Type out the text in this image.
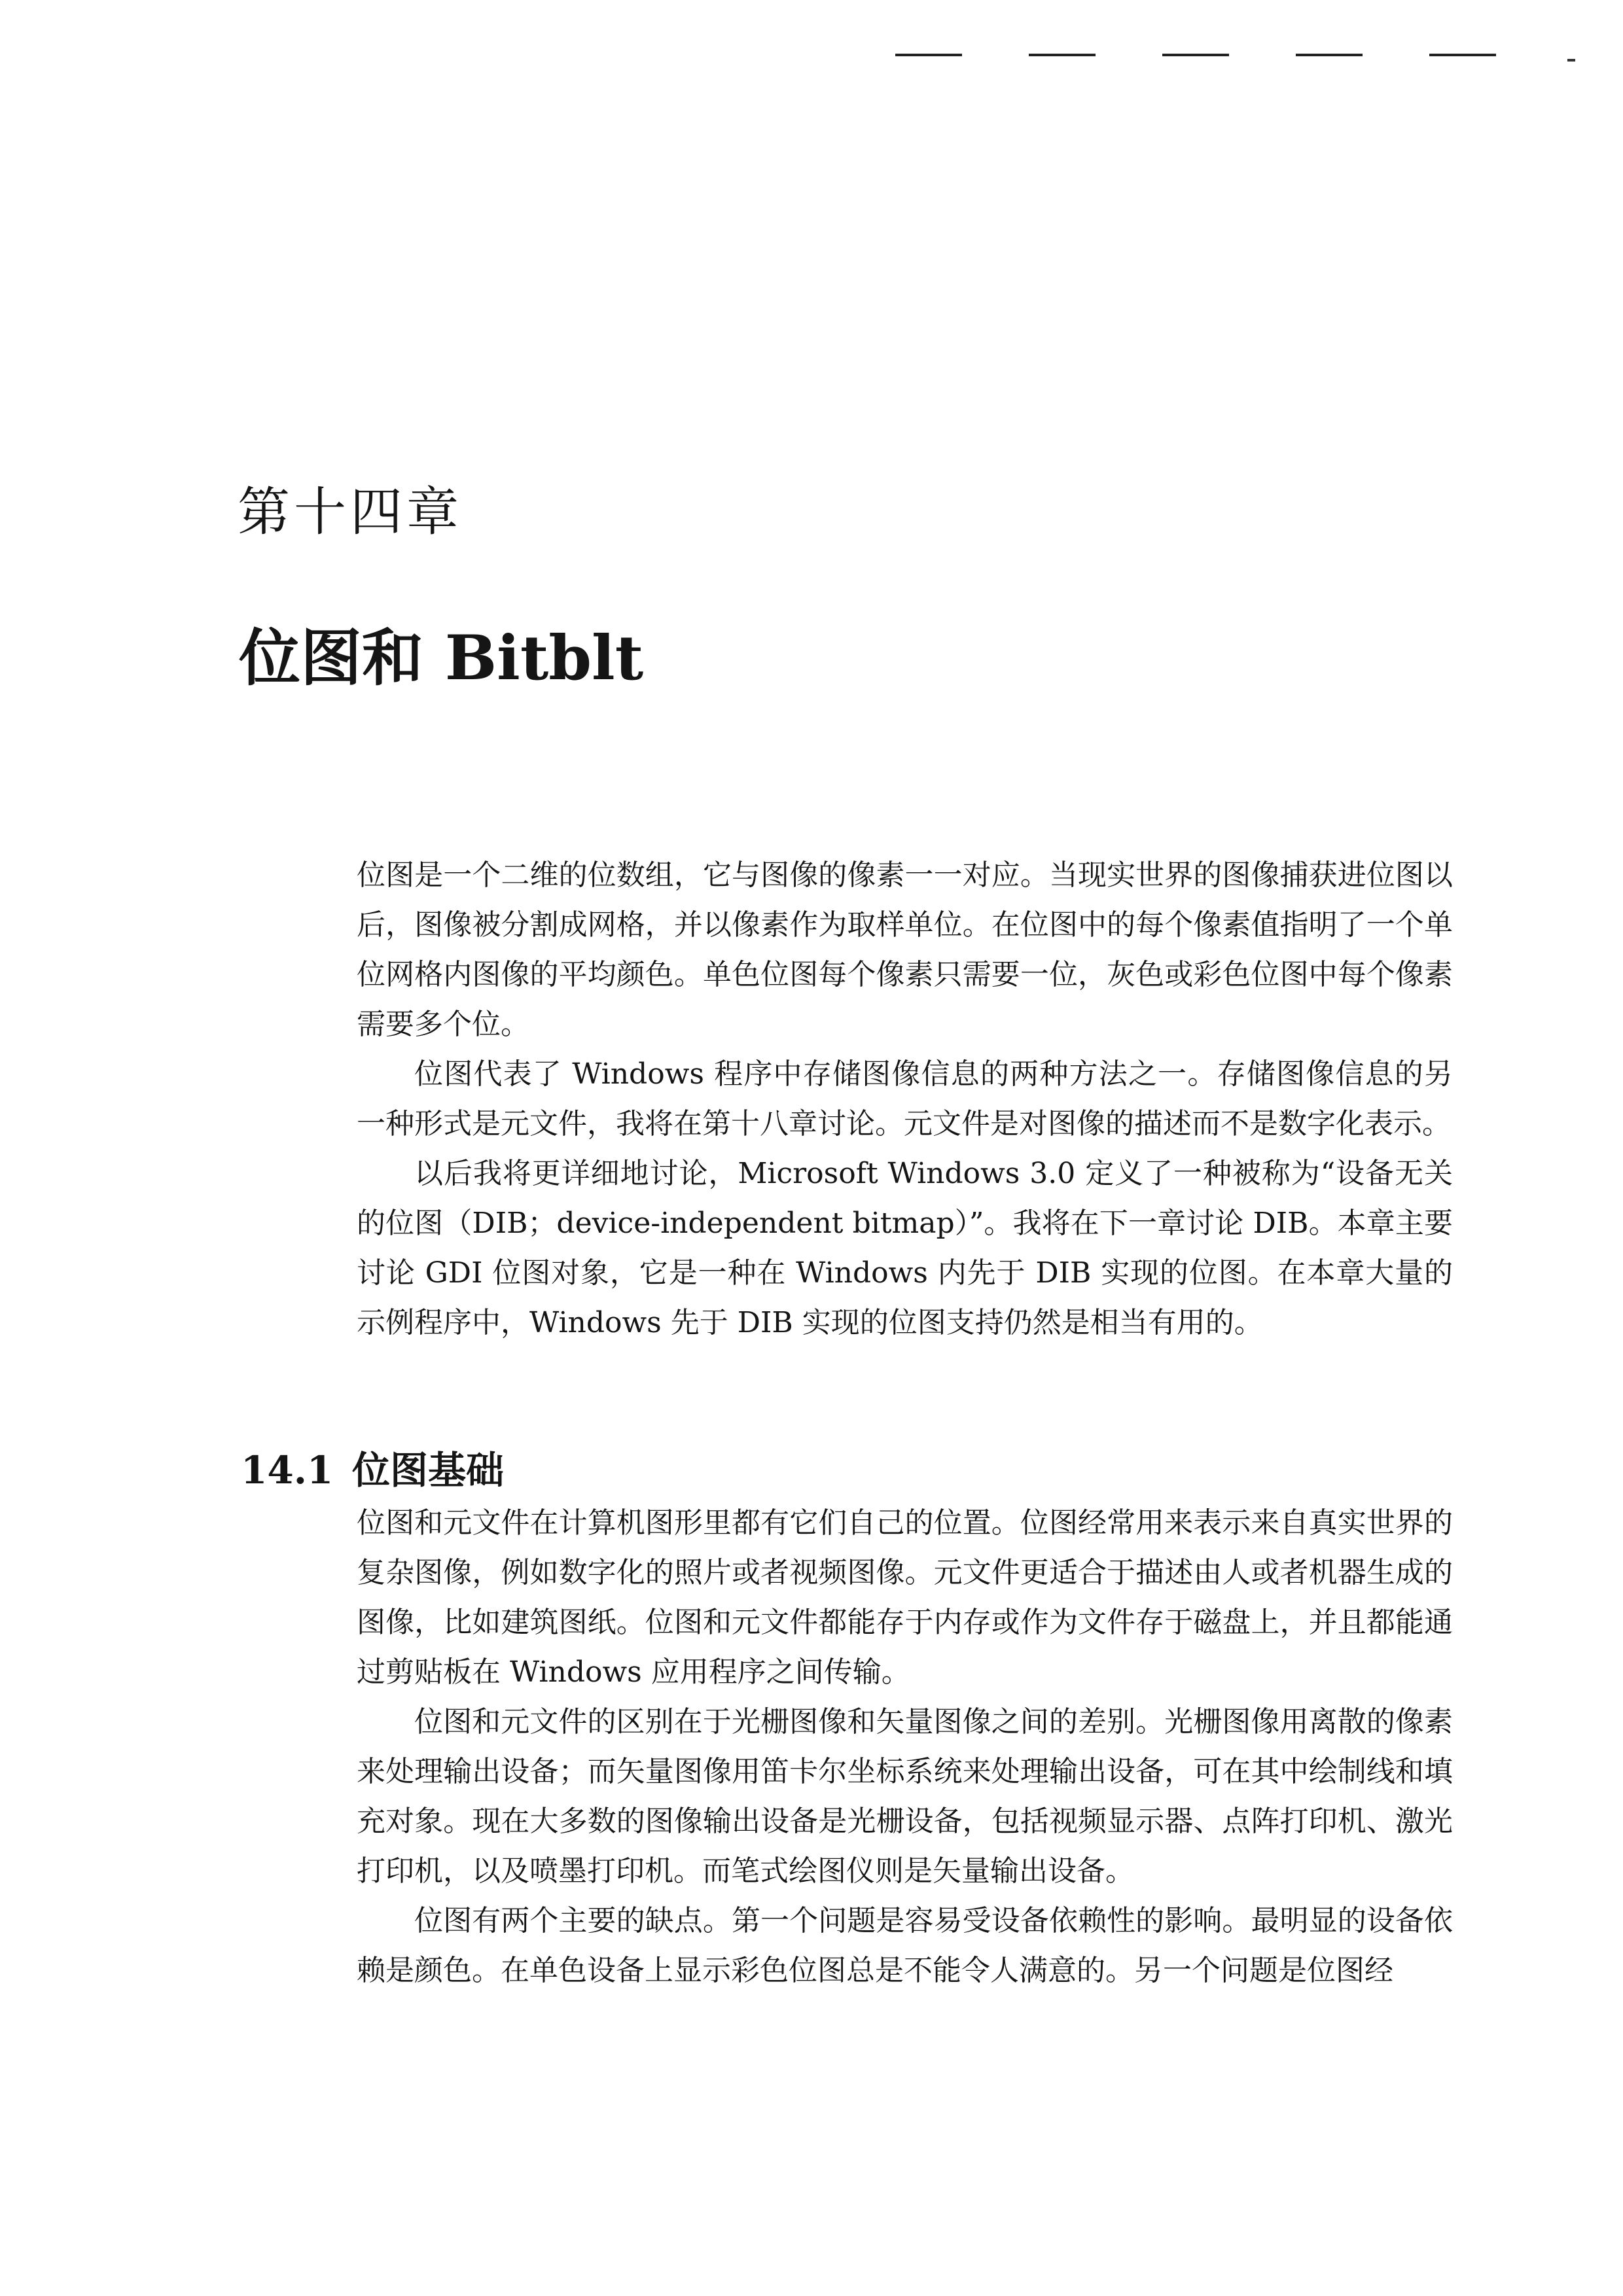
第十四章
位图和 Bitblt

位图是一个二维的位数组，它与图像的像素一一对应。当现实世界的图像捕获进位图以后，图像被分割成网格，并以像素作为取样单位。在位图中的每个像素值指明了一个单位网格内图像的平均颜色。单色位图每个像素只需要一位，灰色或彩色位图中每个像素需要多个位。

位图代表了 Windows 程序中存储图像信息的两种方法之一。存储图像信息的另一种形式是元文件，我将在第十八章讨论。元文件是对图像的描述而不是数字化表示。

以后我将更详细地讨论，Microsoft Windows 3.0 定义了一种被称为“设备无关的位图（DIB；device-independent bitmap）”。我将在下一章讨论 DIB。本章主要讨论 GDI 位图对象，它是一种在 Windows 内先于 DIB 实现的位图。在本章大量的示例程序中，Windows 先于 DIB 实现的位图支持仍然是相当有用的。

14.1 位图基础

位图和元文件在计算机图形里都有它们自己的位置。位图经常用来表示来自真实世界的复杂图像，例如数字化的照片或者视频图像。元文件更适合于描述由人或者机器生成的图像，比如建筑图纸。位图和元文件都能存于内存或作为文件存于磁盘上，并且都能通过剪贴板在 Windows 应用程序之间传输。

位图和元文件的区别在于光栅图像和矢量图像之间的差别。光栅图像用离散的像素来处理输出设备；而矢量图像用笛卡尔坐标系统来处理输出设备，可在其中绘制线和填充对象。现在大多数的图像输出设备是光栅设备，包括视频显示器、点阵打印机、激光打印机，以及喷墨打印机。而笔式绘图仪则是矢量输出设备。

位图有两个主要的缺点。第一个问题是容易受设备依赖性的影响。最明显的设备依赖是颜色。在单色设备上显示彩色位图总是不能令人满意的。另一个问题是位图经
